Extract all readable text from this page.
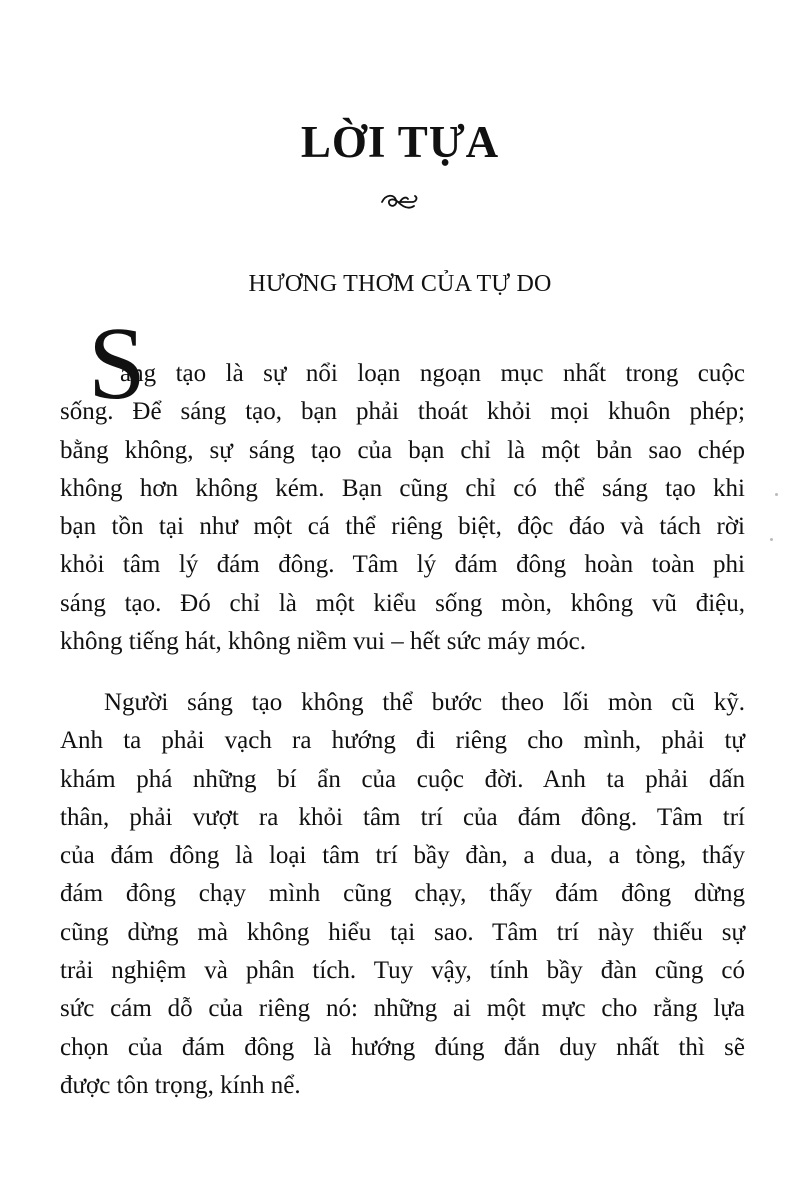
LỜI TỰA
HƯƠNG THƠM CỦA TỰ DO
S
áng tạo là sự nổi loạn ngoạn mục nhất trong cuộc
sống. Để sáng tạo, bạn phải thoát khỏi mọi khuôn phép;
bằng không, sự sáng tạo của bạn chỉ là một bản sao chép
không hơn không kém. Bạn cũng chỉ có thể sáng tạo khi
bạn tồn tại như một cá thể riêng biệt, độc đáo và tách rời
khỏi tâm lý đám đông. Tâm lý đám đông hoàn toàn phi
sáng tạo. Đó chỉ là một kiểu sống mòn, không vũ điệu,
không tiếng hát, không niềm vui – hết sức máy móc.
Người sáng tạo không thể bước theo lối mòn cũ kỹ.
Anh ta phải vạch ra hướng đi riêng cho mình, phải tự
khám phá những bí ẩn của cuộc đời. Anh ta phải dấn
thân, phải vượt ra khỏi tâm trí của đám đông. Tâm trí
của đám đông là loại tâm trí bầy đàn, a dua, a tòng, thấy
đám đông chạy mình cũng chạy, thấy đám đông dừng
cũng dừng mà không hiểu tại sao. Tâm trí này thiếu sự
trải nghiệm và phân tích. Tuy vậy, tính bầy đàn cũng có
sức cám dỗ của riêng nó: những ai một mực cho rằng lựa
chọn của đám đông là hướng đúng đắn duy nhất thì sẽ
được tôn trọng, kính nể.
